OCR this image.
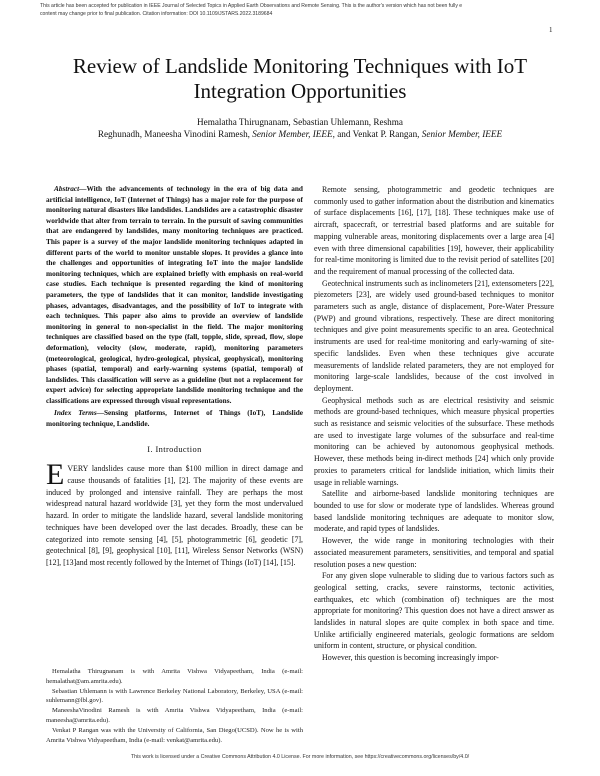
This article has been accepted for publication in IEEE Journal of Selected Topics in Applied Earth Observations and Remote Sensing. This is the author's version which has not been fully e
content may change prior to final publication. Citation information: DOI 10.1109/JSTARS.2022.3189684
1
Review of Landslide Monitoring Techniques with IoT Integration Opportunities
Hemalatha Thirugnanam, Sebastian Uhlemann, Reshma
Reghunadh, Maneesha Vinodini Ramesh, Senior Member, IEEE, and Venkat P. Rangan, Senior Member, IEEE

Abstract—With the advancements of technology in the era of big data and artificial intelligence, IoT (Internet of Things) has a major role for the purpose of monitoring natural disasters like landslides. Landslides are a catastrophic disaster worldwide that alter from terrain to terrain. In the pursuit of saving communities that are endangered by landslides, many monitoring techniques are practiced. This paper is a survey of the major landslide monitoring techniques adapted in different parts of the world to monitor unstable slopes. It provides a glance into the challenges and opportunities of integrating IoT into the major landslide monitoring techniques, which are explained briefly with emphasis on real-world case studies. Each technique is presented regarding the kind of monitoring parameters, the type of landslides that it can monitor, landslide investigating phases, advantages, disadvantages, and the possibility of IoT to integrate with each techniques. This paper also aims to provide an overview of landslide monitoring in general to non-specialist in the field. The major monitoring techniques are classified based on the type (fall, topple, slide, spread, flow, slope deformation), velocity (slow, moderate, rapid), monitoring parameters (meteorological, geological, hydro-geological, physical, geophysical), monitoring phases (spatial, temporal) and early-warning systems (spatial, temporal) of landslides. This classification will serve as a guideline (but not a replacement for expert advice) for selecting appropriate landslide monitoring technique and the classifications are expressed through visual representations.

Index Terms—Sensing platforms, Internet of Things (IoT), Landslide monitoring technique, Landslide.

I. Introduction

EVERY landslides cause more than $100 million in direct damage and cause thousands of fatalities [1], [2]. The majority of these events are induced by prolonged and intensive rainfall. They are perhaps the most widespread natural hazard worldwide [3], yet they form the most undervalued hazard. In order to mitigate the landslide hazard, several landslide monitoring techniques have been developed over the last decades. Broadly, these can be categorized into remote sensing [4], [5], photogrammetric [6], geodetic [7], geotechnical [8], [9], geophysical [10], [11], Wireless Sensor Networks (WSN) [12], [13]and most recently followed by the Internet of Things (IoT) [14], [15].

Hemalatha Thirugnanam is with Amrita Vishwa Vidyapeetham, India (e-mail: hemalathat@am.amrita.edu).

Sebastian Uhlemann is with Lawrence Berkeley National Laboratory, Berkeley, USA (e-mail: suhlemann@lbl.gov).

ManeeshaVinodini Ramesh is with Amrita Vishwa Vidyapeetham, India (e-mail: maneesha@amrita.edu).

Venkat P Rangan was with the University of California, San Diego(UCSD). Now he is with Amrita Vishwa Vidyapeetham, India (e-mail: venkat@amrita.edu).

Remote sensing, photogrammetric and geodetic techniques are commonly used to gather information about the distribution and kinematics of surface displacements [16], [17], [18]. These techniques make use of aircraft, spacecraft, or terrestrial based platforms and are suitable for mapping vulnerable areas, monitoring displacements over a large area [4] even with three dimensional capabilities [19], however, their applicability for real-time monitoring is limited due to the revisit period of satellites [20] and the requirement of manual processing of the collected data.

Geotechnical instruments such as inclinometers [21], extensometers [22], piezometers [23], are widely used ground-based techniques to monitor parameters such as angle, distance of displacement, Pore-Water Pressure (PWP) and ground vibrations, respectively. These are direct monitoring techniques and give point measurements specific to an area. Geotechnical instruments are used for real-time monitoring and early-warning of site-specific landslides. Even when these techniques give accurate measurements of landslide related parameters, they are not employed for monitoring large-scale landslides, because of the cost involved in deployment.

Geophysical methods such as are electrical resistivity and seismic methods are ground-based techniques, which measure physical properties such as resistance and seismic velocities of the subsurface. These methods are used to investigate large volumes of the subsurface and real-time monitoring can be achieved by autonomous geophysical methods. However, these methods being in-direct methods [24] which only provide proxies to parameters critical for landslide initiation, which limits their usage in reliable warnings.

Satellite and airborne-based landslide monitoring techniques are bounded to use for slow or moderate type of landslides. Whereas ground based landslide monitoring techniques are adequate to monitor slow, moderate, and rapid types of landslides.

However, the wide range in monitoring technologies with their associated measurement parameters, sensitivities, and temporal and spatial resolution poses a new question:

For any given slope vulnerable to sliding due to various factors such as geological setting, cracks, severe rainstorms, tectonic activities, earthquakes, etc which (combination of) techniques are the most appropriate for monitoring? This question does not have a direct answer as landslides in natural slopes are quite complex in both space and time. Unlike artificially engineered materials, geologic formations are seldom uniform in content, structure, or physical condition.

However, this question is becoming increasingly impor-

This work is licensed under a Creative Commons Attribution 4.0 License. For more information, see https://creativecommons.org/licenses/by/4.0/
